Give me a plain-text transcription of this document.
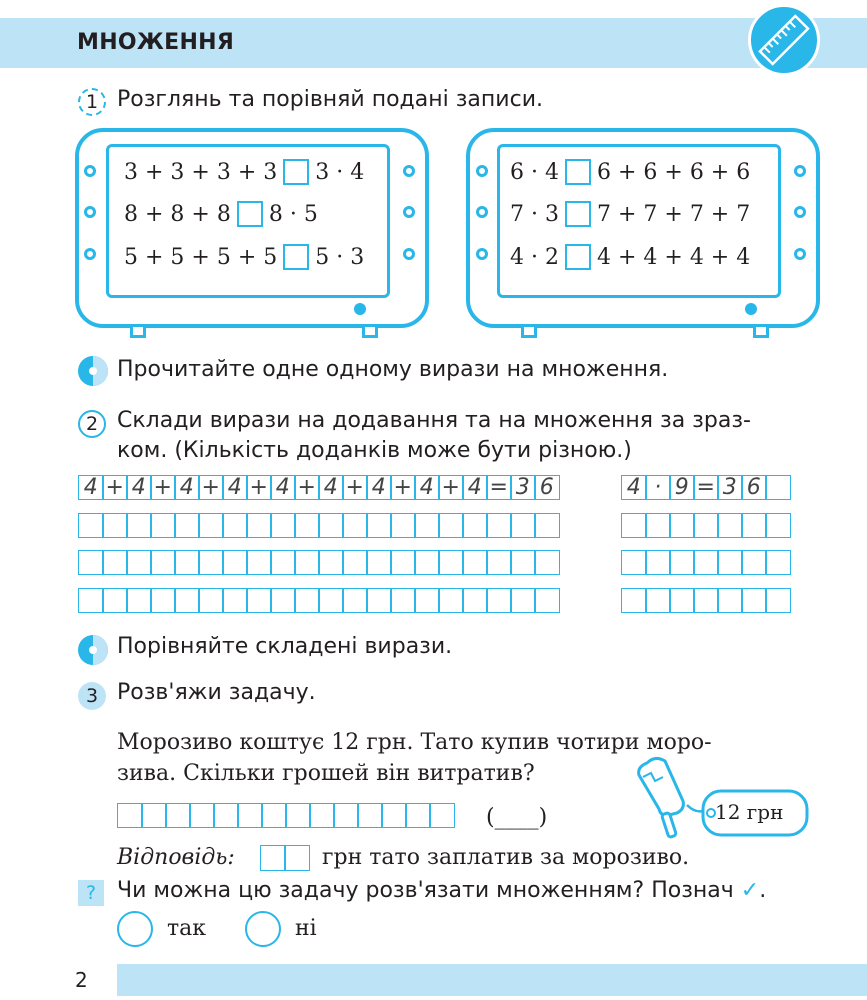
МНОЖЕННЯ
1 Розглянь та порівняй подані записи.
3 + 3 + 3 + 3 3 · 4
8 + 8 + 8 8 · 5
5 + 5 + 5 + 5 5 · 3
6 · 4 6 + 6 + 6 + 6
7 · 3 7 + 7 + 7 + 7
4 · 2 4 + 4 + 4 + 4
Прочитайте одне одному вирази на множення.
2 Склади вирази на додавання та на множення за зраз-
ком. (Кількість доданків може бути різною.)
4 + 4 + 4 + 4 + 4 + 4 + 4 + 4 + 4 = 3 6	4 · 9 = 3 6
Порівняйте складені вирази.
3 Розв'яжи задачу.
Морозиво коштує 12 грн. Тато купив чотири моро-
зива. Скільки грошей він витратив?
(____)	12 грн
Відповідь:	грн тато заплатив за морозиво.
? Чи можна цю задачу розв'язати множенням? Познач ✓.
так	ні
2
